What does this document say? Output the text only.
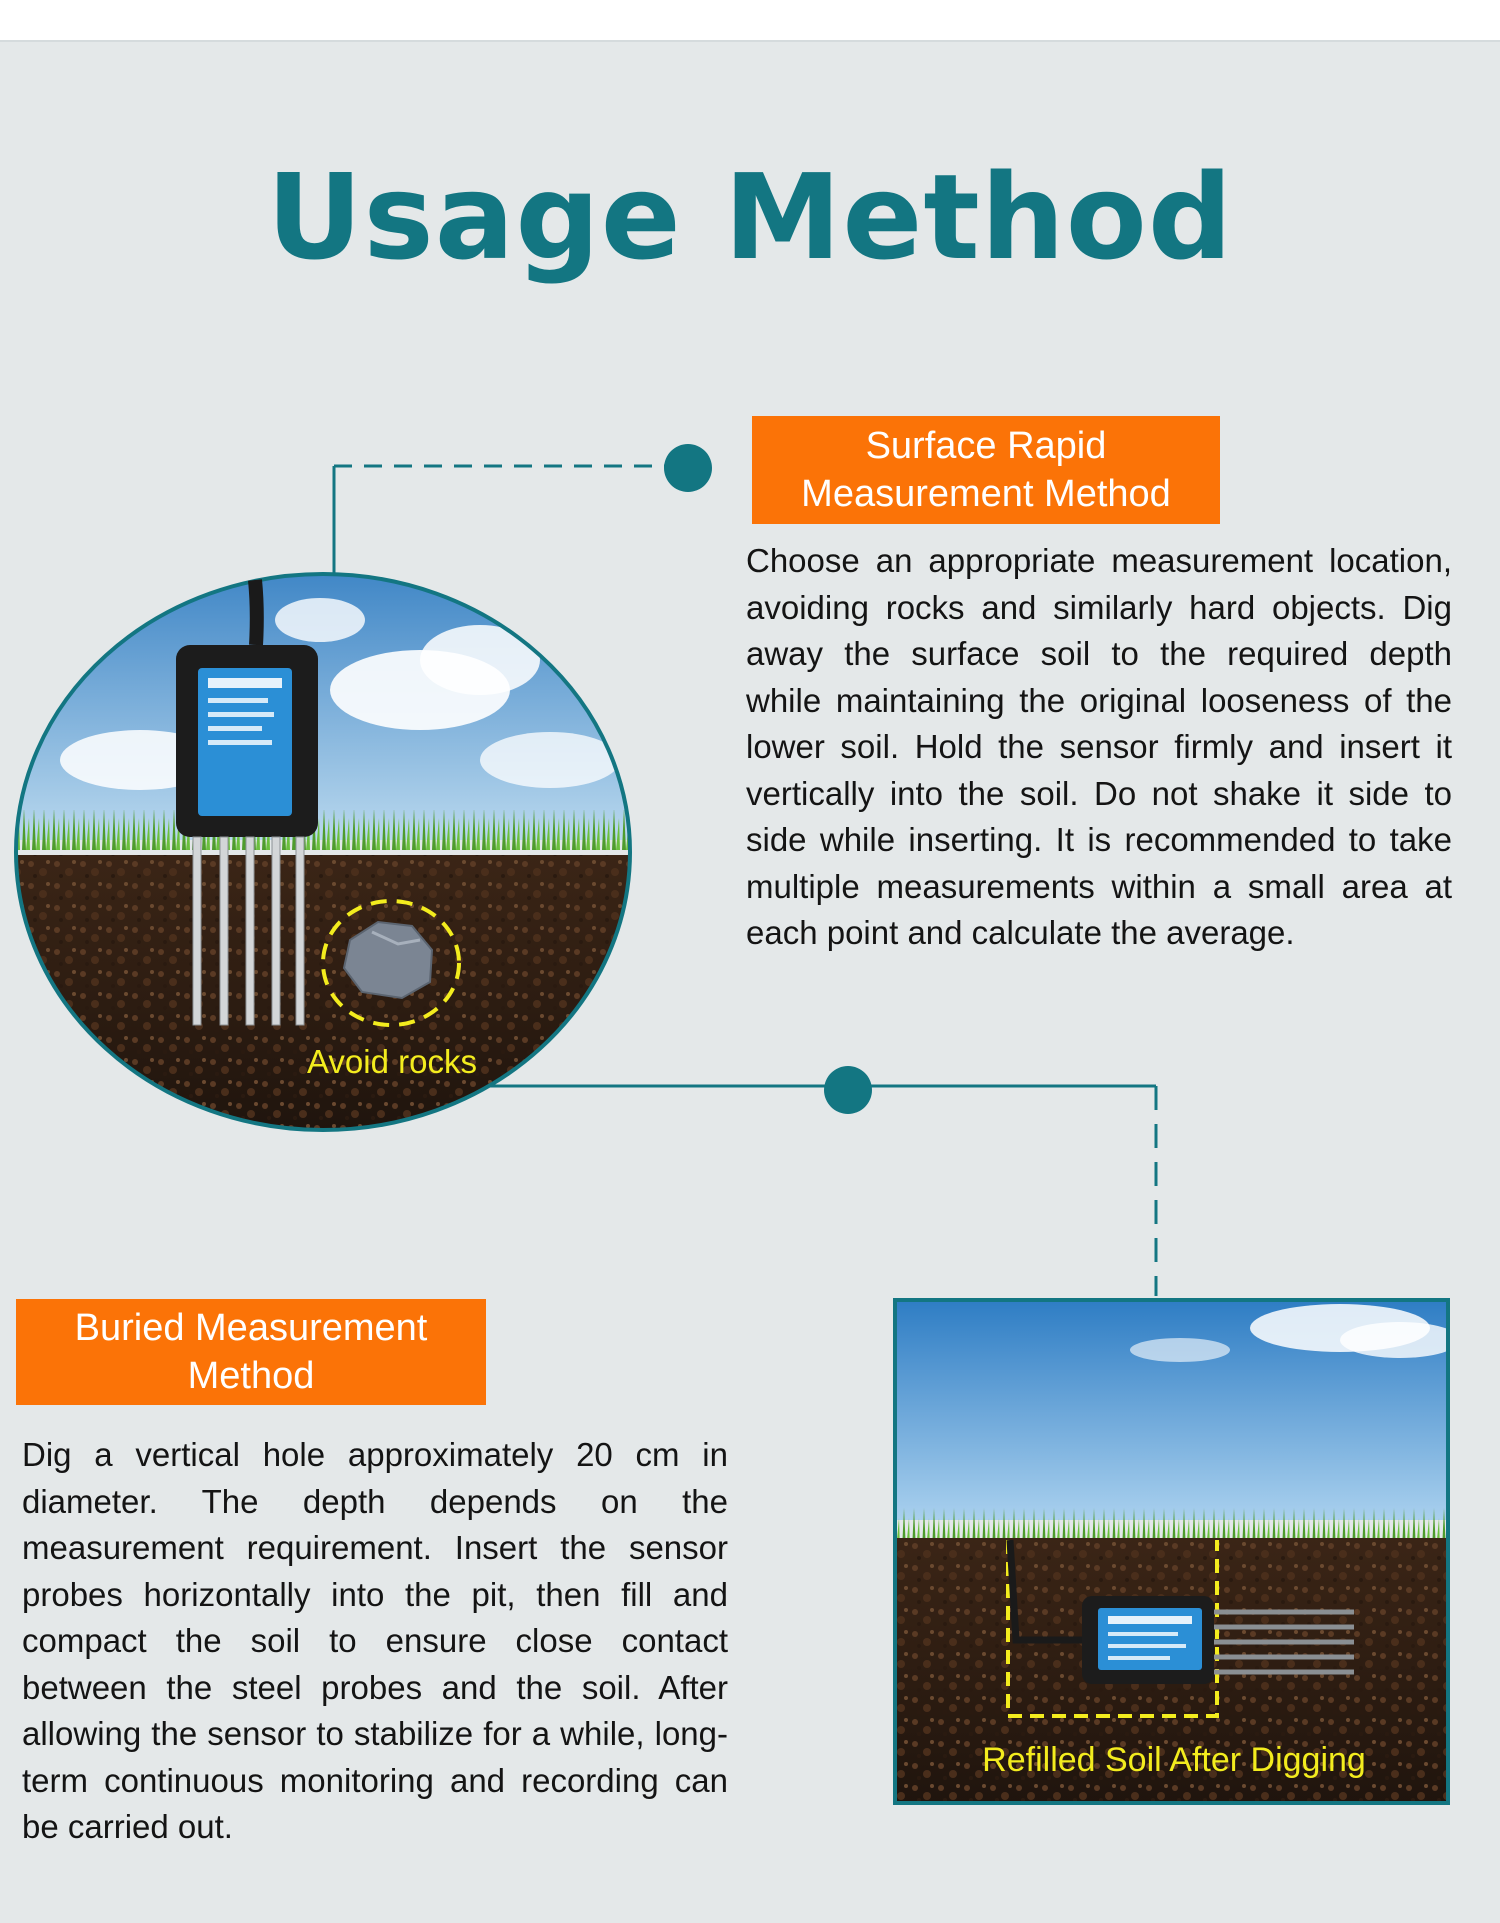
Usage Method
Avoid rocks
Refilled Soil After Digging
Surface Rapid
Measurement Method

Choose an appropriate measurement location, avoiding rocks and similarly hard objects. Dig away the surface soil to the required depth while maintaining the original looseness of the lower soil. Hold the sensor firmly and insert it vertically into the soil. Do not shake it side to side while inserting. It is recommended to take multiple measurements within a small area at each point and calculate the average.

Buried Measurement
Method

Dig a vertical hole approximately 20 cm in diameter. The depth depends on the measurement requirement. Insert the sensor probes horizontally into the pit, then fill and compact the soil to ensure close contact between the steel probes and the soil. After allowing the sensor to stabilize for a while, long-term continuous monitoring and recording can be carried out.
